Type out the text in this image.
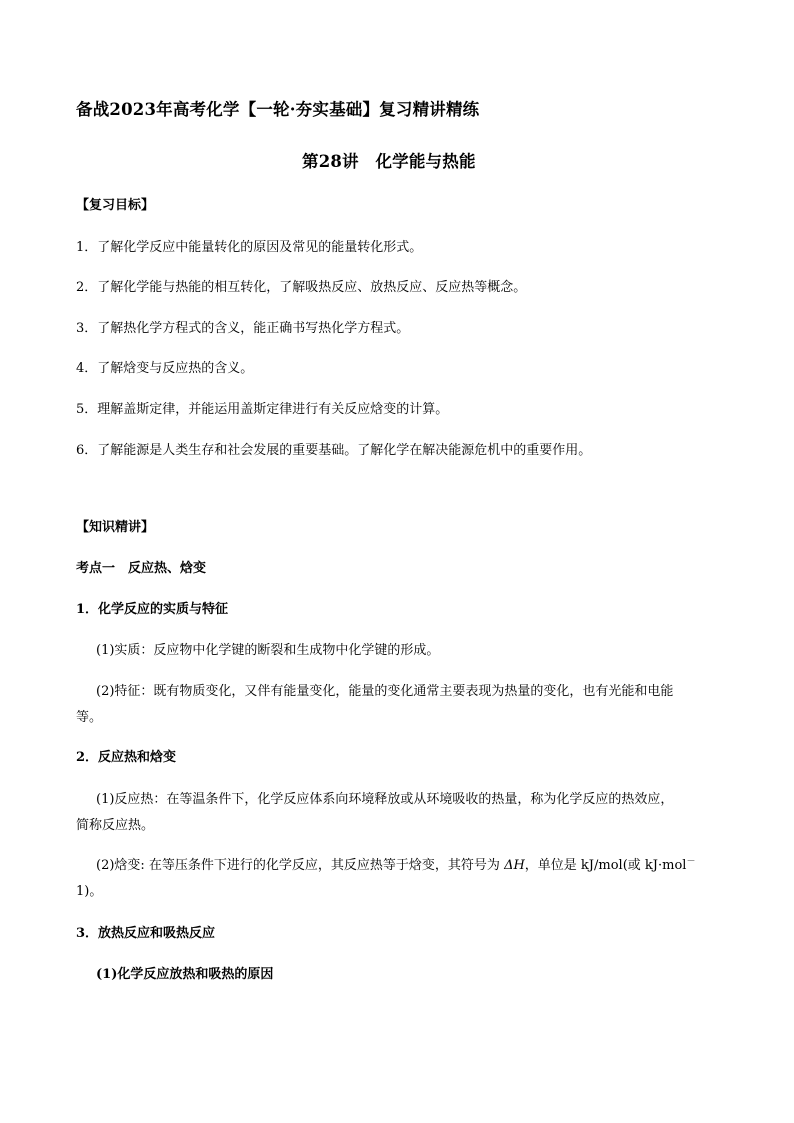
备战2023年高考化学【一轮·夯实基础】复习精讲精练
第28讲　化学能与热能
【复习目标】
1．了解化学反应中能量转化的原因及常见的能量转化形式。
2．了解化学能与热能的相互转化，了解吸热反应、放热反应、反应热等概念。
3．了解热化学方程式的含义，能正确书写热化学方程式。
4．了解焓变与反应热的含义。
5．理解盖斯定律，并能运用盖斯定律进行有关反应焓变的计算。
6．了解能源是人类生存和社会发展的重要基础。了解化学在解决能源危机中的重要作用。
【知识精讲】
考点一　反应热、焓变
1．化学反应的实质与特征
(1)实质：反应物中化学键的断裂和生成物中化学键的形成。
(2)特征：既有物质变化，又伴有能量变化，能量的变化通常主要表现为热量的变化，也有光能和电能
等。
2．反应热和焓变
(1)反应热：在等温条件下，化学反应体系向环境释放或从环境吸收的热量，称为化学反应的热效应，
简称反应热。
(2)焓变: 在等压条件下进行的化学反应，其反应热等于焓变，其符号为 ΔH，单位是 kJ/mol(或 kJ·mol－
1)。
3．放热反应和吸热反应
(1)化学反应放热和吸热的原因
